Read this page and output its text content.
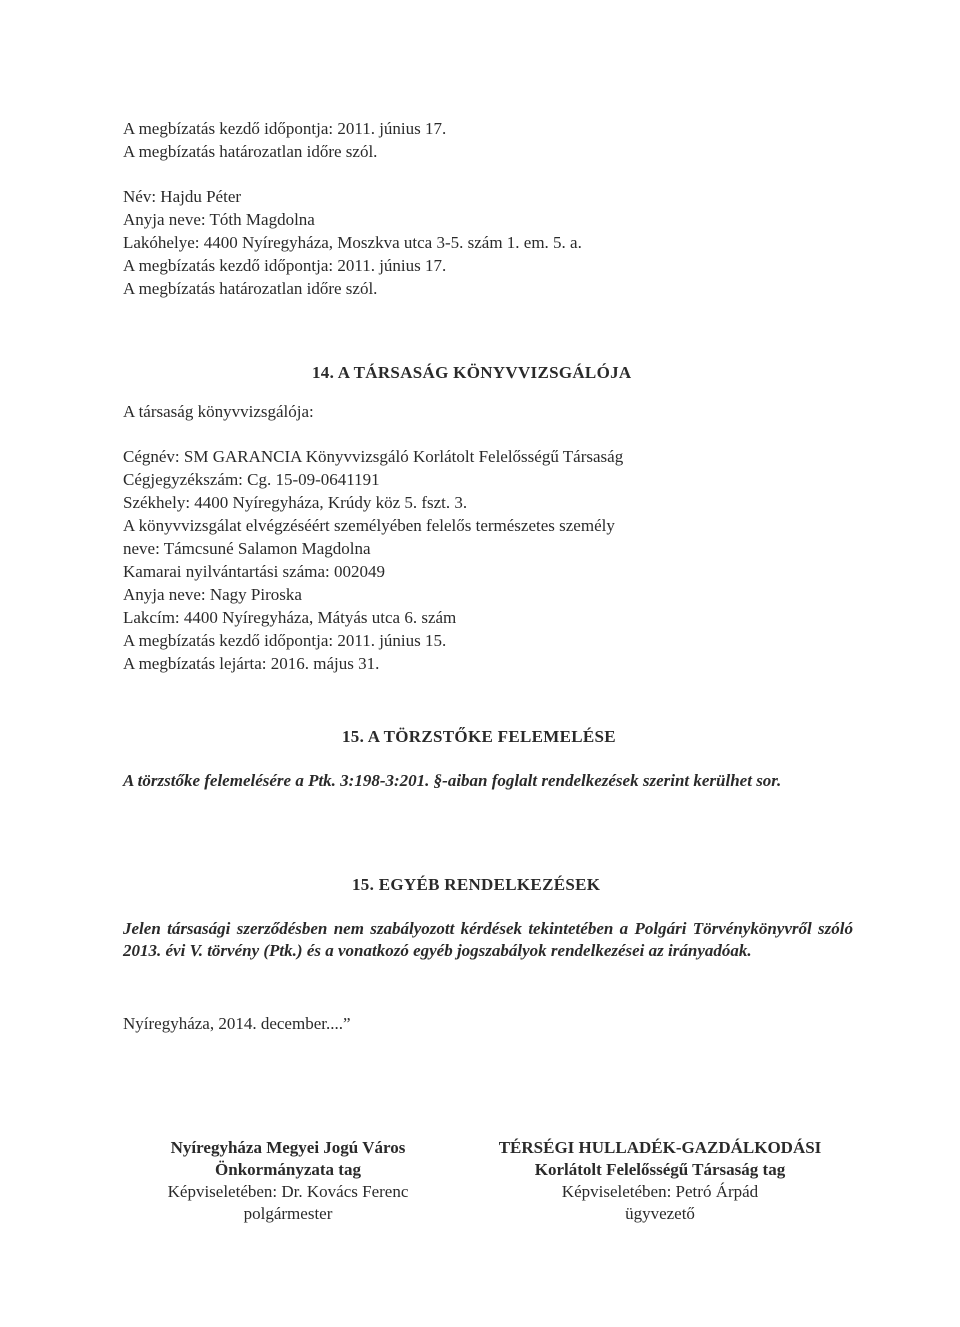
A megbízatás kezdő időpontja: 2011. június 17.
A megbízatás határozatlan időre szól.
Név: Hajdu Péter
Anyja neve: Tóth Magdolna
Lakóhelye: 4400 Nyíregyháza, Moszkva utca 3-5. szám 1. em. 5. a.
A megbízatás kezdő időpontja: 2011. június 17.
A megbízatás határozatlan időre szól.
14. A TÁRSASÁG KÖNYVVIZSGÁLÓJA
A társaság könyvvizsgálója:
Cégnév: SM GARANCIA Könyvvizsgáló Korlátolt Felelősségű Társaság
Cégjegyzékszám: Cg. 15-09-0641191
Székhely: 4400 Nyíregyháza, Krúdy köz 5. fszt. 3.
A könyvvizsgálat elvégzéséért személyében felelős természetes személy
neve: Támcsuné Salamon Magdolna
Kamarai nyilvántartási száma: 002049
Anyja neve: Nagy Piroska
Lakcím: 4400 Nyíregyháza, Mátyás utca 6. szám
A megbízatás kezdő időpontja: 2011. június 15.
A megbízatás lejárta: 2016. május 31.
15. A TÖRZSTŐKE FELEMELÉSE
A törzstőke felemelésére a Ptk. 3:198-3:201. §-aiban foglalt rendelkezések szerint kerülhet sor.
15. EGYÉB RENDELKEZÉSEK
Jelen társasági szerződésben nem szabályozott kérdések tekintetében a Polgári Törvénykönyvről szóló 2013. évi V. törvény (Ptk.) és a vonatkozó egyéb jogszabályok rendelkezései az irányadóak.
Nyíregyháza, 2014. december....”
Nyíregyháza Megyei Jogú Város
Önkormányzata tag
Képviseletében: Dr. Kovács Ferenc
polgármester
TÉRSÉGI HULLADÉK-GAZDÁLKODÁSI
Korlátolt Felelősségű Társaság tag
Képviseletében: Petró Árpád
ügyvezető
